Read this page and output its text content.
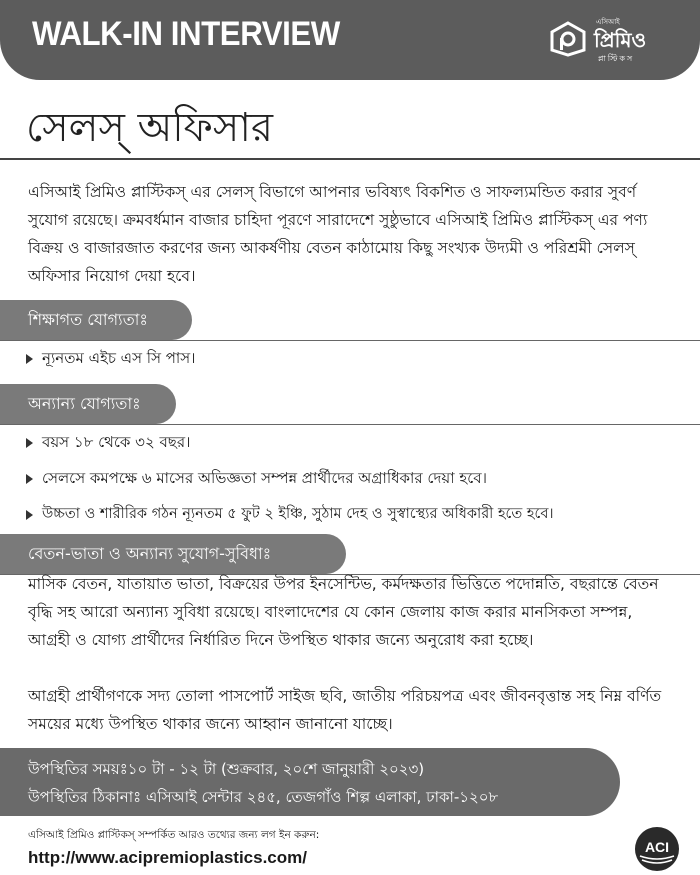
WALK-IN INTERVIEW	এসিআই
প্রিমিও
প্লাস্টিকস
সেলস্ অফিসার

এসিআই প্রিমিও প্লাস্টিকস্ এর সেলস্ বিভাগে আপনার ভবিষ্যৎ বিকশিত ও সাফল্যমন্ডিত করার সুবর্ণ সুযোগ রয়েছে। ক্রমবর্ধমান বাজার চাহিদা পূরণে সারাদেশে সুষ্ঠুভাবে এসিআই প্রিমিও প্লাস্টিকস্ এর পণ্য বিক্রয় ও বাজারজাত করণের জন্য আকর্ষণীয় বেতন কাঠামোয় কিছু সংখ্যক উদ্যমী ও পরিশ্রমী সেলস্ অফিসার নিয়োগ দেয়া হবে।

শিক্ষাগত যোগ্যতাঃ
ন্যূনতম এইচ এস সি পাস।
অন্যান্য যোগ্যতাঃ
বয়স ১৮ থেকে ৩২ বছর।
সেলসে কমপক্ষে ৬ মাসের অভিজ্ঞতা সম্পন্ন প্রার্থীদের অগ্রাধিকার দেয়া হবে।
উচ্চতা ও শারীরিক গঠন ন্যূনতম ৫ ফুট ২ ইঞ্চি, সুঠাম দেহ ও সুস্বাস্থ্যের অধিকারী হতে হবে।
বেতন-ভাতা ও অন্যান্য সুযোগ-সুবিধাঃ

মাসিক বেতন, যাতায়াত ভাতা, বিক্রয়ের উপর ইনসেন্টিভ, কর্মদক্ষতার ভিত্তিতে পদোন্নতি, বছরান্তে বেতন বৃদ্ধি সহ আরো অন্যান্য সুবিধা রয়েছে। বাংলাদেশের যে কোন জেলায় কাজ করার মানসিকতা সম্পন্ন, আগ্রহী ও যোগ্য প্রার্থীদের নির্ধারিত দিনে উপস্থিত থাকার জন্যে অনুরোধ করা হচ্ছে।

আগ্রহী প্রার্থীগণকে সদ্য তোলা পাসপোর্ট সাইজ ছবি, জাতীয় পরিচয়পত্র এবং জীবনবৃত্তান্ত সহ নিম্ন বর্ণিত সময়ের মধ্যে উপস্থিত থাকার জন্যে আহ্বান জানানো যাচ্ছে।

উপস্থিতির সময়ঃ১০ টা - ১২ টা (শুক্রবার, ২০শে জানুয়ারী ২০২৩)
উপস্থিতির ঠিকানাঃ এসিআই সেন্টার ২৪৫, তেজগাঁও শিল্প এলাকা, ঢাকা-১২০৮
এসিআই প্রিমিও প্লাস্টিকস্ সম্পর্কিত আরও তথ্যের জন্য লগ ইন করুন:
http://www.acipremioplastics.com/
ACI
